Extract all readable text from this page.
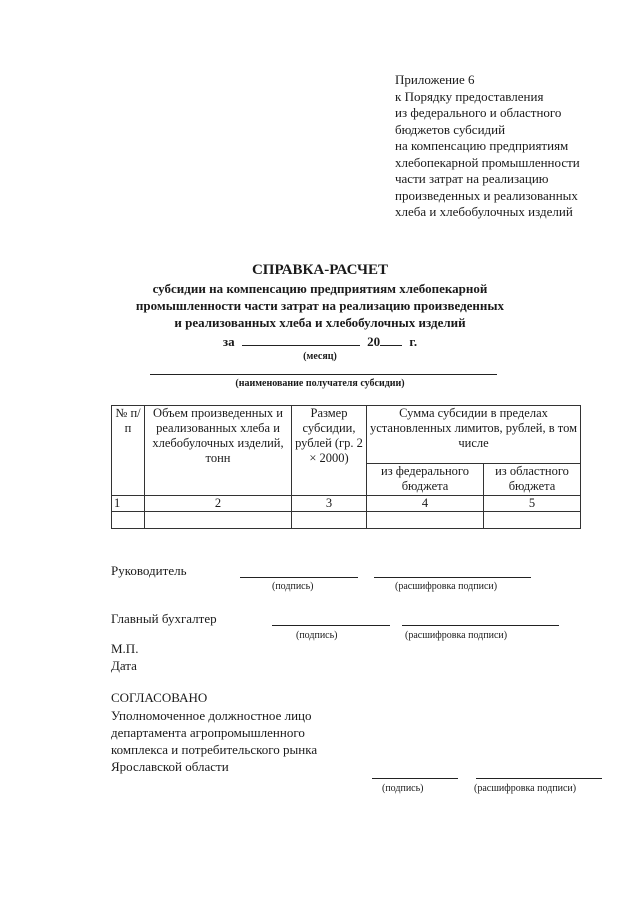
Приложение 6
к Порядку предоставления
из федерального и областного
бюджетов субсидий
на компенсацию предприятиям
хлебопекарной промышленности
части затрат на реализацию
произведенных и реализованных
хлеба и хлебобулочных изделий
СПРАВКА-РАСЧЕТ
субсидии на компенсацию предприятиям хлебопекарной
промышленности части затрат на реализацию произведенных
и реализованных хлеба и хлебобулочных изделий
за	20 г.
(месяц)
(наименование получателя субсидии)
№ п/п	Объем произведенных и реализованных хлеба и хлебобулочных изделий, тонн	Размер субсидии, рублей (гр. 2 × 2000)	Сумма субсидии в пределах установленных лимитов, рублей, в том числе	
			из федерального бюджета	из областного бюджета
1	2	3	4	5

Руководитель
(подпись)	(расшифровка подписи)
Главный бухгалтер
(подпись)	(расшифровка подписи)
М.П.
Дата
СОГЛАСОВАНО
Уполномоченное должностное лицо
департамента агропромышленного
комплекса и потребительского рынка
Ярославской области
(подпись)	(расшифровка подписи)
